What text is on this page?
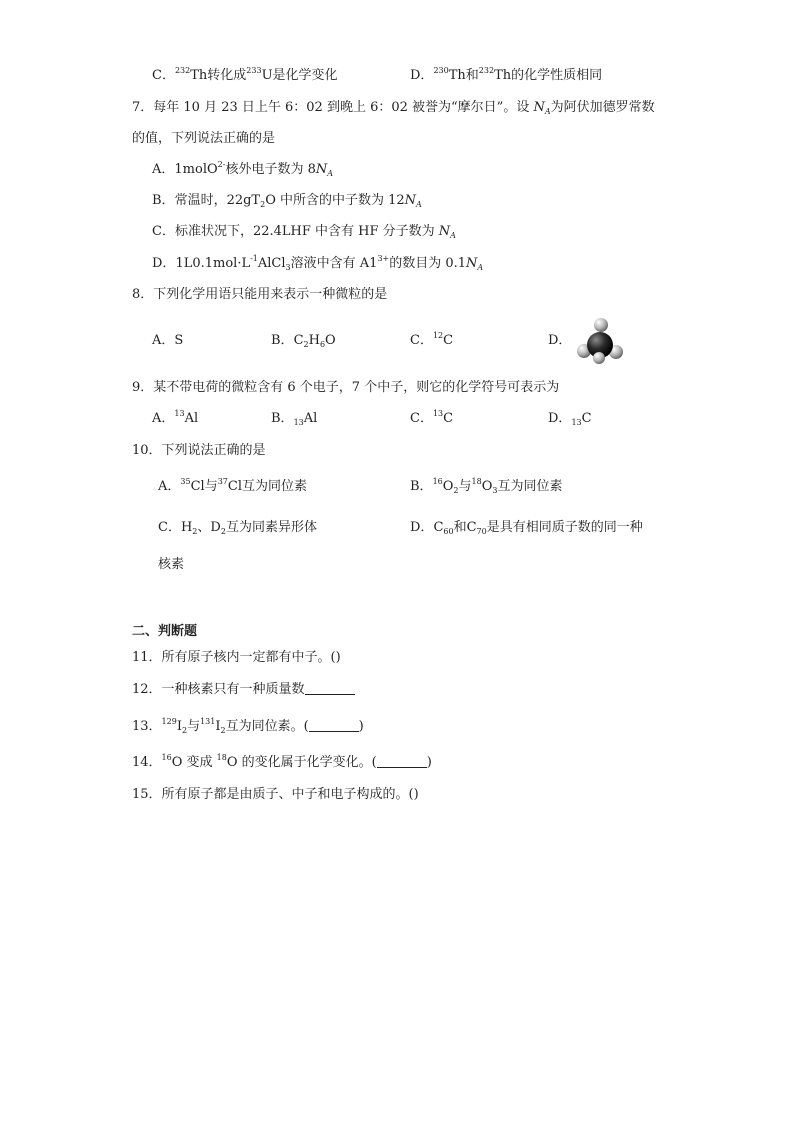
C．$^{232}$Th转化成$^{233}$U是化学变化	D．$^{230}$Th和$^{232}$Th的化学性质相同
7．每年 10 月 23 日上午 6：02 到晚上 6：02 被誉为“摩尔日”。设 $N_A$为阿伏加德罗常数
的值，下列说法正确的是
A．1molO$^{2-}$核外电子数为 $8N_A$
B．常温时，$22gT_2O$ 中所含的中子数为 $12N_A$
C．标准状况下，22.4LHF 中含有 HF 分子数为 $N_A$
D．$1L0.1mol\cdot L^{-1}AlCl_3$溶液中含有 $A1^{3+}$的数目为 $0.1N_A$
8．下列化学用语只能用来表示一种微粒的是
A．S	B．$C_2H_6O$	C．$^{12}$C	D．
9．某不带电荷的微粒含有 6 个电子，7 个中子，则它的化学符号可表示为
A．$^{13}$Al	B．$_{13}$Al	C．$^{13}$C	D．$_{13}$C
10．下列说法正确的是
A．$^{35}$Cl与$^{37}$Cl互为同位素	B．$^{16}O_2$与$^{18}O_3$互为同位素
C．$H_2$、$D_2$互为同素异形体	D．$C_{60}$和$C_{70}$是具有相同质子数的同一种
核素
二、判断题
11．所有原子核内一定都有中子。()
12．一种核素只有一种质量数
13．$^{129}I_2$与$^{131}I_2$互为同位素。(	)
14．$^{16}$O 变成 $^{18}$O 的变化属于化学变化。(	)
15．所有原子都是由质子、中子和电子构成的。()
